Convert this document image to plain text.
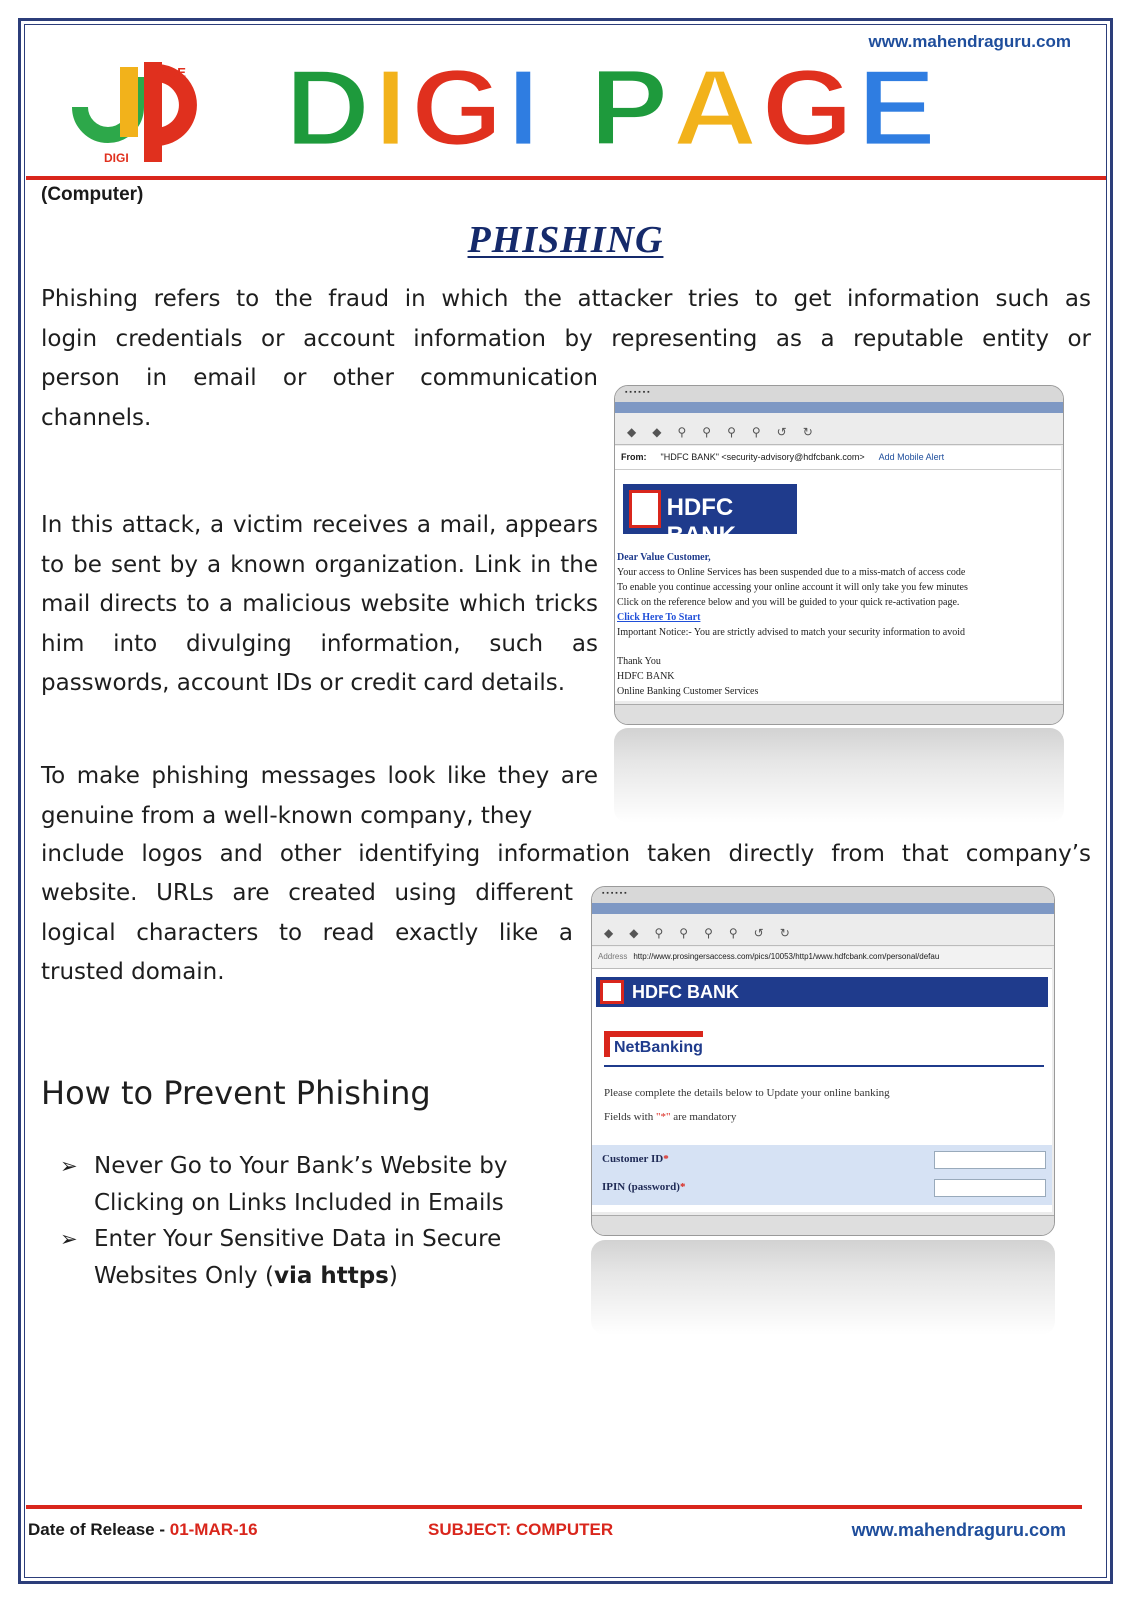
www.mahendraguru.com
PAGE
DIGI D I G I P A G E
(Computer)
PHISHING
Phishing refers to the fraud in which the attacker tries to get information such as
login credentials or account information by representing as a reputable entity or
person in email or other communication channels.
In this attack, a victim receives a mail, appears to be sent by a known organization. Link in the mail directs to a malicious website which tricks him into divulging information, such as passwords, account IDs or credit card details.
To make phishing messages look like they are genuine from a well-known company, they
include logos and other identifying information taken directly from that company’s
website. URLs are created using different logical characters to read exactly like a trusted domain.
How to Prevent Phishing
➢ Never Go to Your Bank’s Website by Clicking on Links Included in Emails
➢ Enter Your Sensitive Data in Secure Websites Only (via https)
▪ ▪ ▪ ▪ ▪ ▪
◆ ◆ ⚲ ⚲ ⚲ ⚲ ↺ ↻
From: "HDFC BANK" <security-advisory@hdfcbank.com> Add Mobile Alert
HDFC BANK
Dear Value Customer,
Your access to Online Services has been suspended due to a miss-match of access code
To enable you continue accessing your online account it will only take you few minutes
Click on the reference below and you will be guided to your quick re-activation page.
Click Here To Start
Important Notice:- You are strictly advised to match your security information to avoid
Thank You
HDFC BANK
Online Banking Customer Services
▪ ▪ ▪ ▪ ▪ ▪
◆ ◆ ⚲ ⚲ ⚲ ⚲ ↺ ↻
Address http://www.prosingersaccess.com/pics/10053/http1/www.hdfcbank.com/personal/defau
HDFC BANK
NetBanking
Please complete the details below to Update your online banking
Fields with "*" are mandatory
Customer ID*
IPIN (password)*
Date of Release - 01-MAR-16	SUBJECT: COMPUTER	www.mahendraguru.com
